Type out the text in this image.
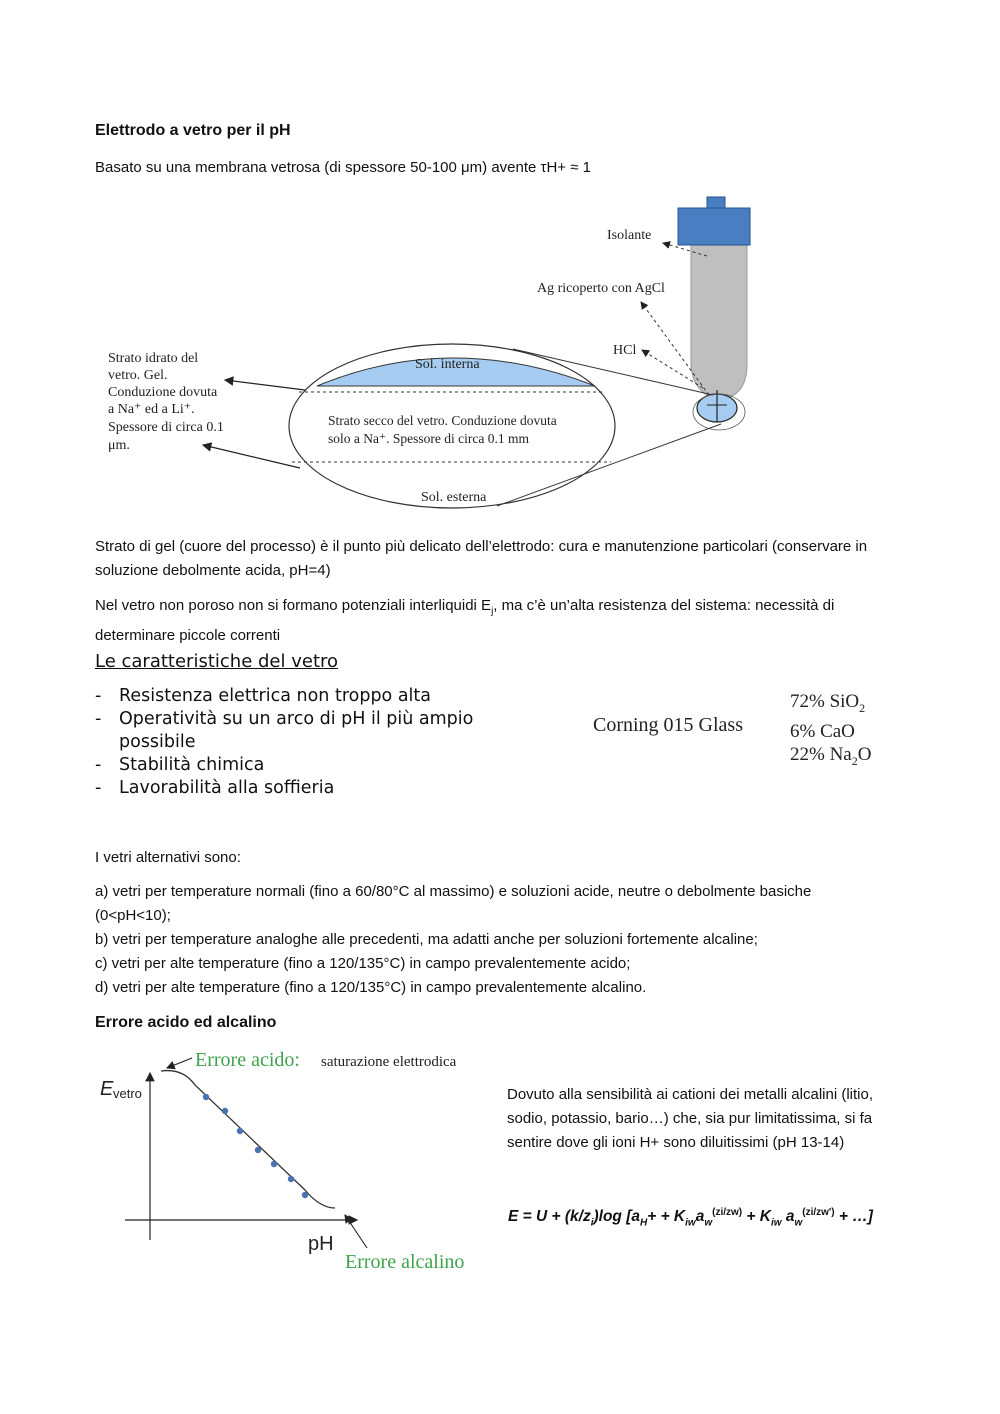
Elettrodo a vetro per il pH
Basato su una membrana vetrosa (di spessore 50-100 μm) avente τH+ ≈ 1
Isolante
Ag ricoperto con AgCl
HCl
Sol. interna
Strato secco del vetro. Conduzione dovuta
solo a Na⁺. Spessore di circa 0.1 mm
Sol. esterna
Strato idrato del
vetro. Gel.
Conduzione dovuta
a Na⁺ ed a Li⁺.
Spessore di circa 0.1
μm.
Strato di gel (cuore del processo) è il punto più delicato dell’elettrodo: cura e manutenzione particolari (conservare in soluzione debolmente acida, pH=4)
Nel vetro non poroso non si formano potenziali interliquidi $E_j$, ma c’è un’alta resistenza del sistema: necessità di determinare piccole correnti
Le caratteristiche del vetro
- Resistenza elettrica non troppo alta
- Operatività su un arco di pH il più ampio possibile
- Stabilità chimica
- Lavorabilità alla soffieria
Corning 015 Glass
72% SiO$_2$
6% CaO
22% $Na_2O$
I vetri alternativi sono:
a) vetri per temperature normali (fino a 60/80°C al massimo) e soluzioni acide, neutre o debolmente basiche (0<pH<10);
b) vetri per temperature analoghe alle precedenti, ma adatti anche per soluzioni fortemente alcaline;
c) vetri per alte temperature (fino a 120/135°C) in campo prevalentemente acido;
d) vetri per alte temperature (fino a 120/135°C) in campo prevalentemente alcalino.
Errore acido ed alcalino
Errore acido: saturazione elettrodica
E vetro
pH
Errore alcalino
Dovuto alla sensibilità ai cationi dei metalli alcalini (litio, sodio, potassio, bario…) che, sia pur limitatissima, si fa sentire dove gli ioni H+ sono diluitissimi (pH 13-14)
$E = U + (k/z_i)\log$ [$a_H+ + K_{iw}a_w^{(zi/zw)} + K_{iw}$ $a_w^{(zi/zw')}$ + …]
